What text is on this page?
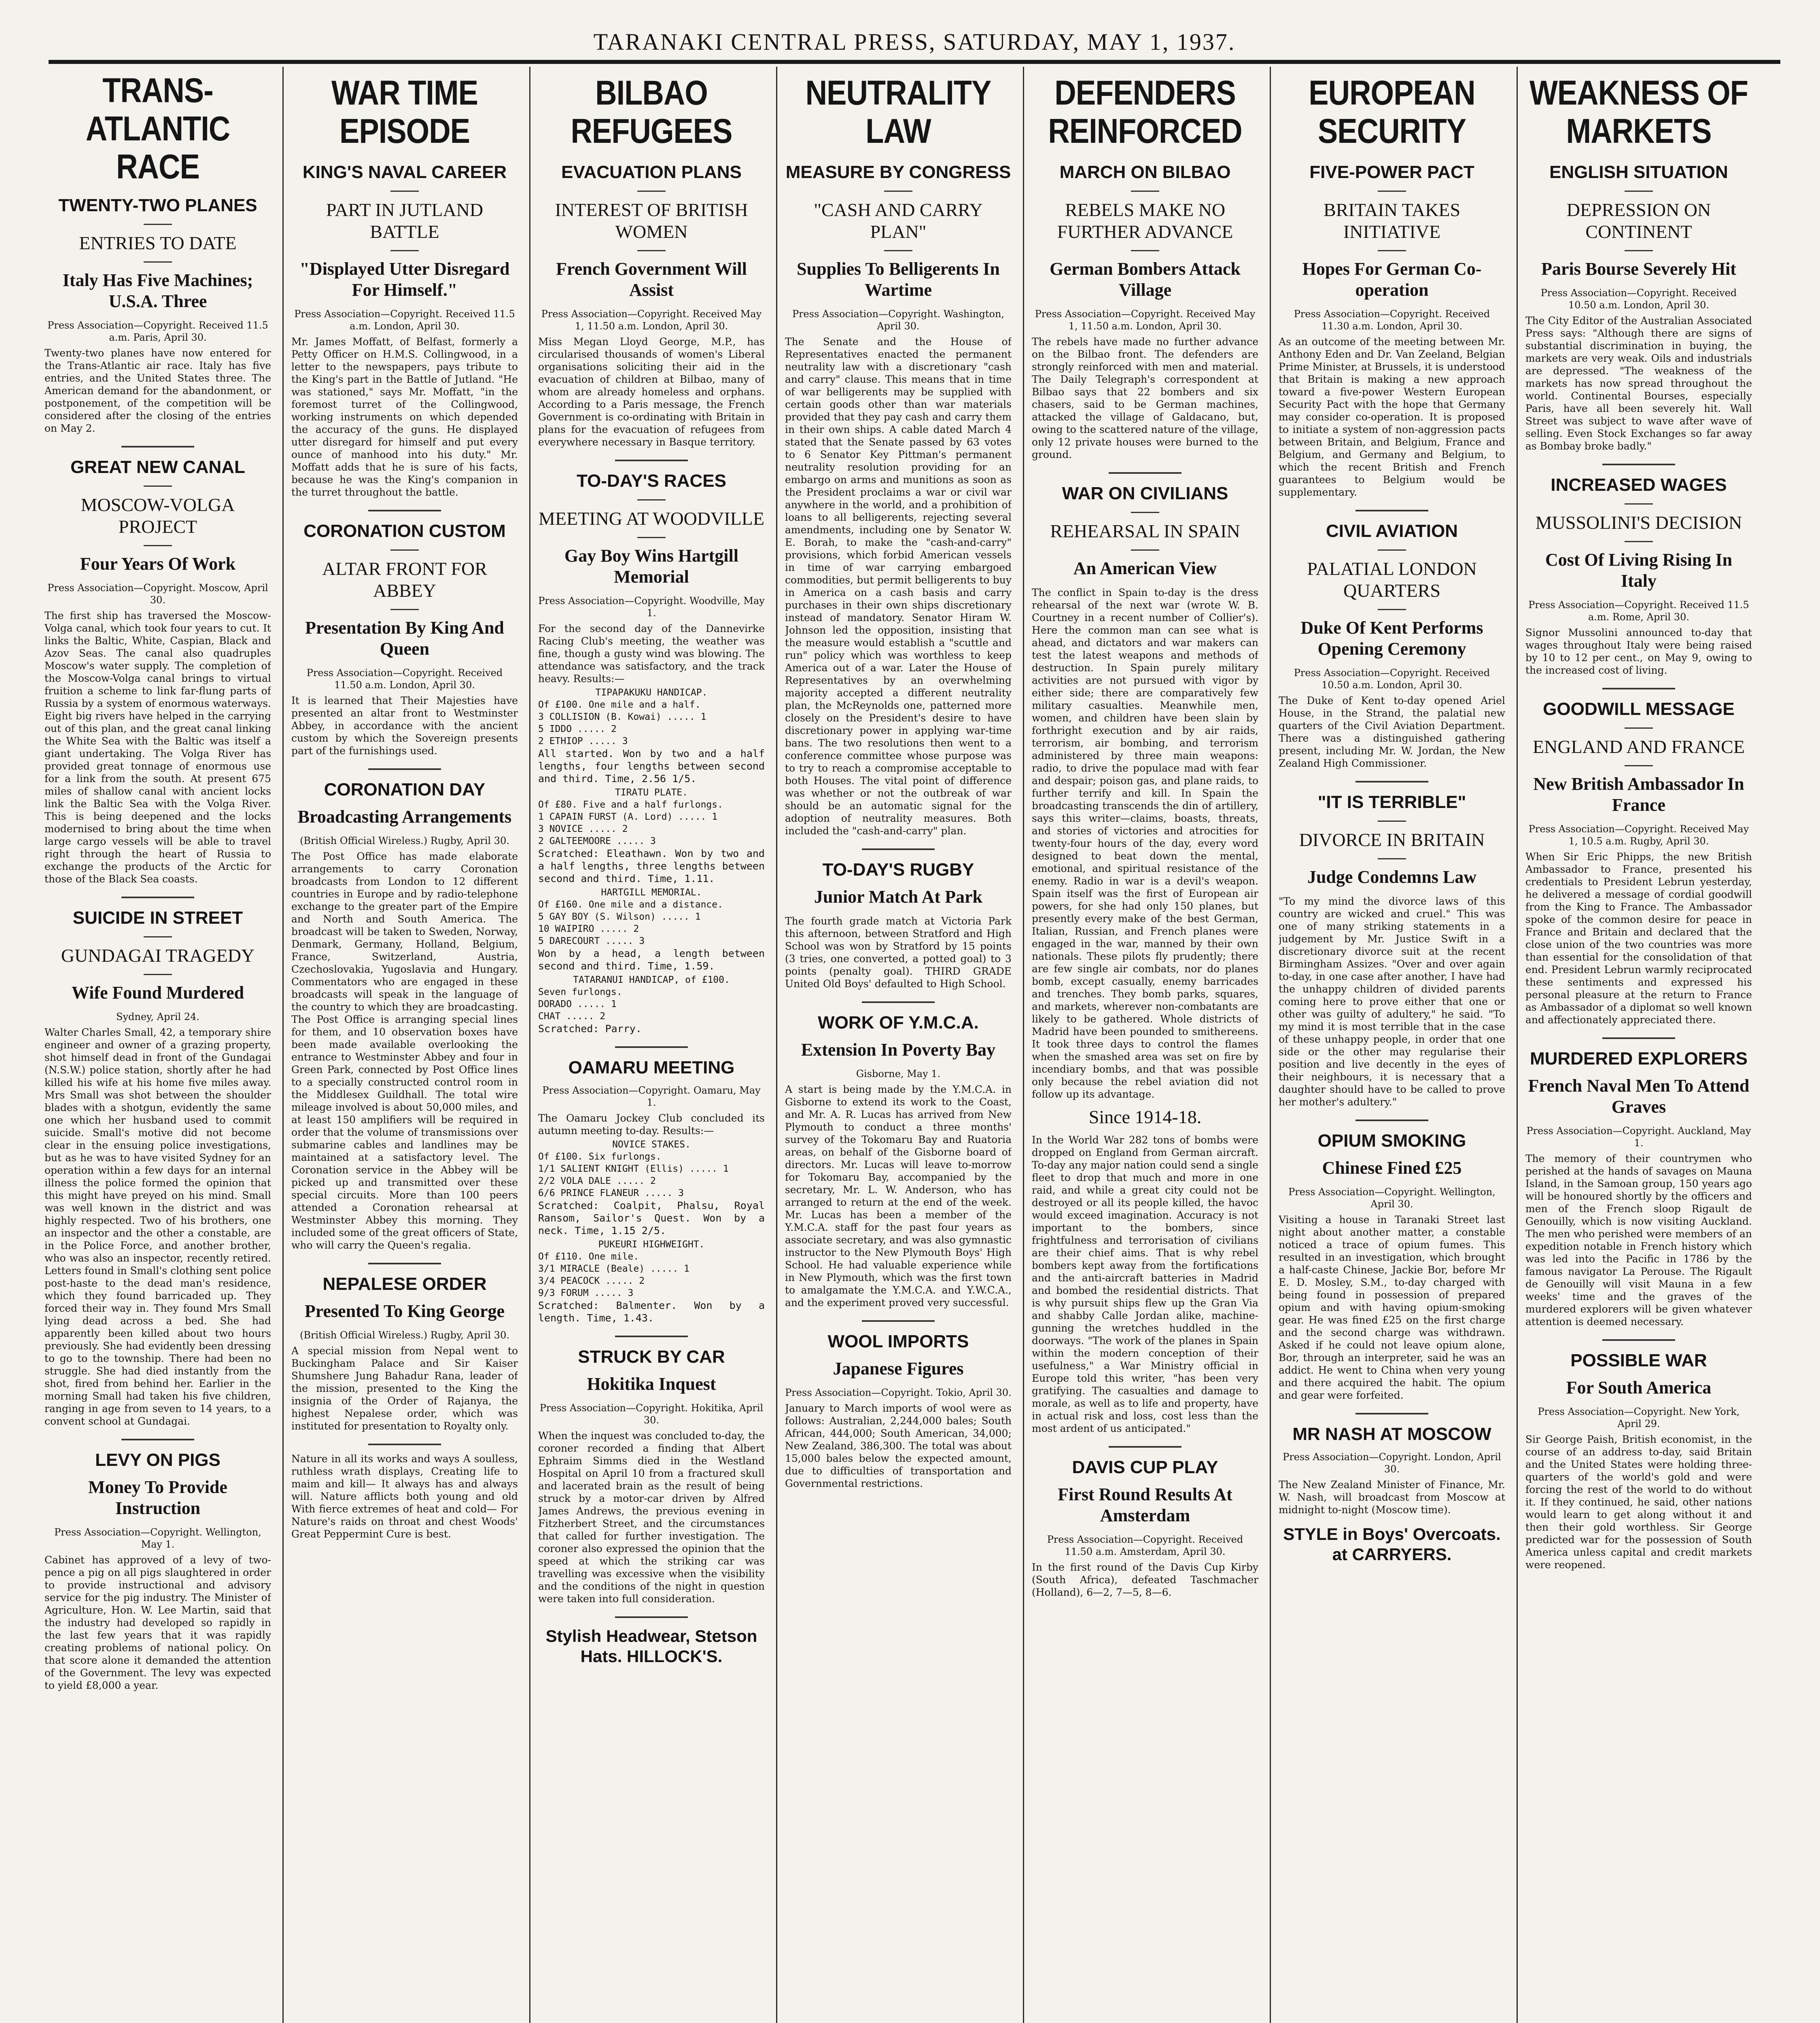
TARANAKI CENTRAL PRESS, SATURDAY, MAY 1, 1937.
TRANS-ATLANTIC RACE
TWENTY-TWO PLANES
ENTRIES TO DATE
Italy Has Five Machines; U.S.A. Three
Press Association—Copyright. Received 11.5 a.m. Paris, April 30.
Twenty-two planes have now entered for the Trans-Atlantic air race. Italy has five entries, and the United States three. The American demand for the abandonment, or postponement, of the competition will be considered after the closing of the entries on May 2.
GREAT NEW CANAL
MOSCOW-VOLGA PROJECT
Four Years Of Work
Press Association—Copyright. Moscow, April 30.
The first ship has traversed the Moscow-Volga canal, which took four years to cut. It links the Baltic, White, Caspian, Black and Azov Seas. The canal also quadruples Moscow's water supply. The completion of the Moscow-Volga canal brings to virtual fruition a scheme to link far-flung parts of Russia by a system of enormous waterways. Eight big rivers have helped in the carrying out of this plan, and the great canal linking the White Sea with the Baltic was itself a giant undertaking. The Volga River has provided great tonnage of enormous use for a link from the south. At present 675 miles of shallow canal with ancient locks link the Baltic Sea with the Volga River. This is being deepened and the locks modernised to bring about the time when large cargo vessels will be able to travel right through the heart of Russia to exchange the products of the Arctic for those of the Black Sea coasts.
SUICIDE IN STREET
GUNDAGAI TRAGEDY
Wife Found Murdered
Sydney, April 24.
Walter Charles Small, 42, a temporary shire engineer and owner of a grazing property, shot himself dead in front of the Gundagai (N.S.W.) police station, shortly after he had killed his wife at his home five miles away. Mrs Small was shot between the shoulder blades with a shotgun, evidently the same one which her husband used to commit suicide. Small's motive did not become clear in the ensuing police investigations, but as he was to have visited Sydney for an operation within a few days for an internal illness the police formed the opinion that this might have preyed on his mind. Small was well known in the district and was highly respected. Two of his brothers, one an inspector and the other a constable, are in the Police Force, and another brother, who was also an inspector, recently retired. Letters found in Small's clothing sent police post-haste to the dead man's residence, which they found barricaded up. They forced their way in. They found Mrs Small lying dead across a bed. She had apparently been killed about two hours previously. She had evidently been dressing to go to the township. There had been no struggle. She had died instantly from the shot, fired from behind her. Earlier in the morning Small had taken his five children, ranging in age from seven to 14 years, to a convent school at Gundagai.
LEVY ON PIGS
Money To Provide Instruction
Press Association—Copyright. Wellington, May 1.
Cabinet has approved of a levy of two-pence a pig on all pigs slaughtered in order to provide instructional and advisory service for the pig industry. The Minister of Agriculture, Hon. W. Lee Martin, said that the industry had developed so rapidly in the last few years that it was rapidly creating problems of national policy. On that score alone it demanded the attention of the Government. The levy was expected to yield £8,000 a year.
WAR TIME EPISODE
KING'S NAVAL CAREER
PART IN JUTLAND BATTLE
"Displayed Utter Disregard For Himself."
Press Association—Copyright. Received 11.5 a.m. London, April 30.
Mr. James Moffatt, of Belfast, formerly a Petty Officer on H.M.S. Collingwood, in a letter to the newspapers, pays tribute to the King's part in the Battle of Jutland. "He was stationed," says Mr. Moffatt, "in the foremost turret of the Collingwood, working instruments on which depended the accuracy of the guns. He displayed utter disregard for himself and put every ounce of manhood into his duty." Mr. Moffatt adds that he is sure of his facts, because he was the King's companion in the turret throughout the battle.
CORONATION CUSTOM
ALTAR FRONT FOR ABBEY
Presentation By King And Queen
Press Association—Copyright. Received 11.50 a.m. London, April 30.
It is learned that Their Majesties have presented an altar front to Westminster Abbey, in accordance with the ancient custom by which the Sovereign presents part of the furnishings used.
CORONATION DAY
Broadcasting Arrangements
(British Official Wireless.) Rugby, April 30.
The Post Office has made elaborate arrangements to carry Coronation broadcasts from London to 12 different countries in Europe and by radio-telephone exchange to the greater part of the Empire and North and South America. The broadcast will be taken to Sweden, Norway, Denmark, Germany, Holland, Belgium, France, Switzerland, Austria, Czechoslovakia, Yugoslavia and Hungary. Commentators who are engaged in these broadcasts will speak in the language of the country to which they are broadcasting. The Post Office is arranging special lines for them, and 10 observation boxes have been made available overlooking the entrance to Westminster Abbey and four in Green Park, connected by Post Office lines to a specially constructed control room in the Middlesex Guildhall. The total wire mileage involved is about 50,000 miles, and at least 150 amplifiers will be required in order that the volume of transmissions over submarine cables and landlines may be maintained at a satisfactory level. The Coronation service in the Abbey will be picked up and transmitted over these special circuits. More than 100 peers attended a Coronation rehearsal at Westminster Abbey this morning. They included some of the great officers of State, who will carry the Queen's regalia.
NEPALESE ORDER
Presented To King George
(British Official Wireless.) Rugby, April 30.
A special mission from Nepal went to Buckingham Palace and Sir Kaiser Shumshere Jung Bahadur Rana, leader of the mission, presented to the King the insignia of the Order of Rajanya, the highest Nepalese order, which was instituted for presentation to Royalty only.
Nature in all its works and ways A soulless, ruthless wrath displays, Creating life to maim and kill— It always has and always will. Nature afflicts both young and old With fierce extremes of heat and cold— For Nature's raids on throat and chest Woods' Great Peppermint Cure is best.
BILBAO REFUGEES
EVACUATION PLANS
INTEREST OF BRITISH WOMEN
French Government Will Assist
Press Association—Copyright. Received May 1, 11.50 a.m. London, April 30.
Miss Megan Lloyd George, M.P., has circularised thousands of women's Liberal organisations soliciting their aid in the evacuation of children at Bilbao, many of whom are already homeless and orphans. According to a Paris message, the French Government is co-ordinating with Britain in plans for the evacuation of refugees from everywhere necessary in Basque territory.
TO-DAY'S RACES
MEETING AT WOODVILLE
Gay Boy Wins Hartgill Memorial
Press Association—Copyright. Woodville, May 1.
For the second day of the Dannevirke Racing Club's meeting, the weather was fine, though a gusty wind was blowing. The attendance was satisfactory, and the track heavy. Results:—
TIPAPAKUKU HANDICAP.
Of £100. One mile and a half.
3 COLLISION (B. Kowai) ..... 1
5 IDDO ..... 2
2 ETHIOP ..... 3
All started. Won by two and a half lengths, four lengths between second and third. Time, 2.56 1/5.
TIRATU PLATE.
Of £80. Five and a half furlongs.
1 CAPAIN FURST (A. Lord) ..... 1
3 NOVICE ..... 2
2 GALTEEMOORE ..... 3
Scratched: Eleathawn. Won by two and a half lengths, three lengths between second and third. Time, 1.11.
HARTGILL MEMORIAL.
Of £160. One mile and a distance.
5 GAY BOY (S. Wilson) ..... 1
10 WAIPIRO ..... 2
5 DARECOURT ..... 3
Won by a head, a length between second and third. Time, 1.59.
TATARANUI HANDICAP, of £100.
Seven furlongs.
DORADO ..... 1
CHAT ..... 2
Scratched: Parry.
OAMARU MEETING
Press Association—Copyright. Oamaru, May 1.
The Oamaru Jockey Club concluded its autumn meeting to-day. Results:—
NOVICE STAKES.
Of £100. Six furlongs.
1/1 SALIENT KNIGHT (Ellis) ..... 1
2/2 VOLA DALE ..... 2
6/6 PRINCE FLANEUR ..... 3
Scratched: Coalpit, Phalsu, Royal Ransom, Sailor's Quest. Won by a neck. Time, 1.15 2/5.
PUKEURI HIGHWEIGHT.
Of £110. One mile.
3/1 MIRACLE (Beale) ..... 1
3/4 PEACOCK ..... 2
9/3 FORUM ..... 3
Scratched: Balmenter. Won by a length. Time, 1.43.
STRUCK BY CAR
Hokitika Inquest
Press Association—Copyright. Hokitika, April 30.
When the inquest was concluded to-day, the coroner recorded a finding that Albert Ephraim Simms died in the Westland Hospital on April 10 from a fractured skull and lacerated brain as the result of being struck by a motor-car driven by Alfred James Andrews, the previous evening in Fitzherbert Street, and the circumstances that called for further investigation. The coroner also expressed the opinion that the speed at which the striking car was travelling was excessive when the visibility and the conditions of the night in question were taken into full consideration.
Stylish Headwear, Stetson Hats. HILLOCK'S.
NEUTRALITY LAW
MEASURE BY CONGRESS
"CASH AND CARRY PLAN"
Supplies To Belligerents In Wartime
Press Association—Copyright. Washington, April 30.
The Senate and the House of Representatives enacted the permanent neutrality law with a discretionary "cash and carry" clause. This means that in time of war belligerents may be supplied with certain goods other than war materials provided that they pay cash and carry them in their own ships. A cable dated March 4 stated that the Senate passed by 63 votes to 6 Senator Key Pittman's permanent neutrality resolution providing for an embargo on arms and munitions as soon as the President proclaims a war or civil war anywhere in the world, and a prohibition of loans to all belligerents, rejecting several amendments, including one by Senator W. E. Borah, to make the "cash-and-carry" provisions, which forbid American vessels in time of war carrying embargoed commodities, but permit belligerents to buy in America on a cash basis and carry purchases in their own ships discretionary instead of mandatory. Senator Hiram W. Johnson led the opposition, insisting that the measure would establish a "scuttle and run" policy which was worthless to keep America out of a war. Later the House of Representatives by an overwhelming majority accepted a different neutrality plan, the McReynolds one, patterned more closely on the President's desire to have discretionary power in applying war-time bans. The two resolutions then went to a conference committee whose purpose was to try to reach a compromise acceptable to both Houses. The vital point of difference was whether or not the outbreak of war should be an automatic signal for the adoption of neutrality measures. Both included the "cash-and-carry" plan.
TO-DAY'S RUGBY
Junior Match At Park
The fourth grade match at Victoria Park this afternoon, between Stratford and High School was won by Stratford by 15 points (3 tries, one converted, a potted goal) to 3 points (penalty goal). THIRD GRADE United Old Boys' defaulted to High School.
WORK OF Y.M.C.A.
Extension In Poverty Bay
Gisborne, May 1.
A start is being made by the Y.M.C.A. in Gisborne to extend its work to the Coast, and Mr. A. R. Lucas has arrived from New Plymouth to conduct a three months' survey of the Tokomaru Bay and Ruatoria areas, on behalf of the Gisborne board of directors. Mr. Lucas will leave to-morrow for Tokomaru Bay, accompanied by the secretary, Mr. L. W. Anderson, who has arranged to return at the end of the week. Mr. Lucas has been a member of the Y.M.C.A. staff for the past four years as associate secretary, and was also gymnastic instructor to the New Plymouth Boys' High School. He had valuable experience while in New Plymouth, which was the first town to amalgamate the Y.M.C.A. and Y.W.C.A., and the experiment proved very successful.
WOOL IMPORTS
Japanese Figures
Press Association—Copyright. Tokio, April 30.
January to March imports of wool were as follows: Australian, 2,244,000 bales; South African, 444,000; South American, 34,000; New Zealand, 386,300. The total was about 15,000 bales below the expected amount, due to difficulties of transportation and Governmental restrictions.
DEFENDERS REINFORCED
MARCH ON BILBAO
REBELS MAKE NO FURTHER ADVANCE
German Bombers Attack Village
Press Association—Copyright. Received May 1, 11.50 a.m. London, April 30.
The rebels have made no further advance on the Bilbao front. The defenders are strongly reinforced with men and material. The Daily Telegraph's correspondent at Bilbao says that 22 bombers and six chasers, said to be German machines, attacked the village of Galdacano, but, owing to the scattered nature of the village, only 12 private houses were burned to the ground.
WAR ON CIVILIANS
REHEARSAL IN SPAIN
An American View
The conflict in Spain to-day is the dress rehearsal of the next war (wrote W. B. Courtney in a recent number of Collier's). Here the common man can see what is ahead, and dictators and war makers can test the latest weapons and methods of destruction. In Spain purely military activities are not pursued with vigor by either side; there are comparatively few military casualties. Meanwhile men, women, and children have been slain by forthright execution and by air raids, terrorism, air bombing, and terrorism administered by three main weapons: radio, to drive the populace mad with fear and despair; poison gas, and plane raids, to further terrify and kill. In Spain the broadcasting transcends the din of artillery, says this writer—claims, boasts, threats, and stories of victories and atrocities for twenty-four hours of the day, every word designed to beat down the mental, emotional, and spiritual resistance of the enemy. Radio in war is a devil's weapon. Spain itself was the first of European air powers, for she had only 150 planes, but presently every make of the best German, Italian, Russian, and French planes were engaged in the war, manned by their own nationals. These pilots fly prudently; there are few single air combats, nor do planes bomb, except casually, enemy barricades and trenches. They bomb parks, squares, and markets, wherever non-combatants are likely to be gathered. Whole districts of Madrid have been pounded to smithereens. It took three days to control the flames when the smashed area was set on fire by incendiary bombs, and that was possible only because the rebel aviation did not follow up its advantage.
Since 1914-18.
In the World War 282 tons of bombs were dropped on England from German aircraft. To-day any major nation could send a single fleet to drop that much and more in one raid, and while a great city could not be destroyed or all its people killed, the havoc would exceed imagination. Accuracy is not important to the bombers, since frightfulness and terrorisation of civilians are their chief aims. That is why rebel bombers kept away from the fortifications and the anti-aircraft batteries in Madrid and bombed the residential districts. That is why pursuit ships flew up the Gran Via and shabby Calle Jordan alike, machine-gunning the wretches huddled in the doorways. "The work of the planes in Spain within the modern conception of their usefulness," a War Ministry official in Europe told this writer, "has been very gratifying. The casualties and damage to morale, as well as to life and property, have in actual risk and loss, cost less than the most ardent of us anticipated."
DAVIS CUP PLAY
First Round Results At Amsterdam
Press Association—Copyright. Received 11.50 a.m. Amsterdam, April 30.
In the first round of the Davis Cup Kirby (South Africa), defeated Taschmacher (Holland), 6—2, 7—5, 8—6.
EUROPEAN SECURITY
FIVE-POWER PACT
BRITAIN TAKES INITIATIVE
Hopes For German Co-operation
Press Association—Copyright. Received 11.30 a.m. London, April 30.
As an outcome of the meeting between Mr. Anthony Eden and Dr. Van Zeeland, Belgian Prime Minister, at Brussels, it is understood that Britain is making a new approach toward a five-power Western European Security Pact with the hope that Germany may consider co-operation. It is proposed to initiate a system of non-aggression pacts between Britain, and Belgium, France and Belgium, and Germany and Belgium, to which the recent British and French guarantees to Belgium would be supplementary.
CIVIL AVIATION
PALATIAL LONDON QUARTERS
Duke Of Kent Performs Opening Ceremony
Press Association—Copyright. Received 10.50 a.m. London, April 30.
The Duke of Kent to-day opened Ariel House, in the Strand, the palatial new quarters of the Civil Aviation Department. There was a distinguished gathering present, including Mr. W. Jordan, the New Zealand High Commissioner.
"IT IS TERRIBLE"
DIVORCE IN BRITAIN
Judge Condemns Law
"To my mind the divorce laws of this country are wicked and cruel." This was one of many striking statements in a judgement by Mr. Justice Swift in a discretionary divorce suit at the recent Birmingham Assizes. "Over and over again to-day, in one case after another, I have had the unhappy children of divided parents coming here to prove either that one or other was guilty of adultery," he said. "To my mind it is most terrible that in the case of these unhappy people, in order that one side or the other may regularise their position and live decently in the eyes of their neighbours, it is necessary that a daughter should have to be called to prove her mother's adultery."
OPIUM SMOKING
Chinese Fined £25
Press Association—Copyright. Wellington, April 30.
Visiting a house in Taranaki Street last night about another matter, a constable noticed a trace of opium fumes. This resulted in an investigation, which brought a half-caste Chinese, Jackie Bor, before Mr E. D. Mosley, S.M., to-day charged with being found in possession of prepared opium and with having opium-smoking gear. He was fined £25 on the first charge and the second charge was withdrawn. Asked if he could not leave opium alone, Bor, through an interpreter, said he was an addict. He went to China when very young and there acquired the habit. The opium and gear were forfeited.
MR NASH AT MOSCOW
Press Association—Copyright. London, April 30.
The New Zealand Minister of Finance, Mr. W. Nash, will broadcast from Moscow at midnight to-night (Moscow time).
STYLE in Boys' Overcoats. at CARRYERS.
WEAKNESS OF MARKETS
ENGLISH SITUATION
DEPRESSION ON CONTINENT
Paris Bourse Severely Hit
Press Association—Copyright. Received 10.50 a.m. London, April 30.
The City Editor of the Australian Associated Press says: "Although there are signs of substantial discrimination in buying, the markets are very weak. Oils and industrials are depressed. "The weakness of the markets has now spread throughout the world. Continental Bourses, especially Paris, have all been severely hit. Wall Street was subject to wave after wave of selling. Even Stock Exchanges so far away as Bombay broke badly."
INCREASED WAGES
MUSSOLINI'S DECISION
Cost Of Living Rising In Italy
Press Association—Copyright. Received 11.5 a.m. Rome, April 30.
Signor Mussolini announced to-day that wages throughout Italy were being raised by 10 to 12 per cent., on May 9, owing to the increased cost of living.
GOODWILL MESSAGE
ENGLAND AND FRANCE
New British Ambassador In France
Press Association—Copyright. Received May 1, 10.5 a.m. Rugby, April 30.
When Sir Eric Phipps, the new British Ambassador to France, presented his credentials to President Lebrun yesterday, he delivered a message of cordial goodwill from the King to France. The Ambassador spoke of the common desire for peace in France and Britain and declared that the close union of the two countries was more than essential for the consolidation of that end. President Lebrun warmly reciprocated these sentiments and expressed his personal pleasure at the return to France as Ambassador of a diplomat so well known and affectionately appreciated there.
MURDERED EXPLORERS
French Naval Men To Attend Graves
Press Association—Copyright. Auckland, May 1.
The memory of their countrymen who perished at the hands of savages on Mauna Island, in the Samoan group, 150 years ago will be honoured shortly by the officers and men of the French sloop Rigault de Genouilly, which is now visiting Auckland. The men who perished were members of an expedition notable in French history which was led into the Pacific in 1786 by the famous navigator La Perouse. The Rigault de Genouilly will visit Mauna in a few weeks' time and the graves of the murdered explorers will be given whatever attention is deemed necessary.
POSSIBLE WAR
For South America
Press Association—Copyright. New York, April 29.
Sir George Paish, British economist, in the course of an address to-day, said Britain and the United States were holding three-quarters of the world's gold and were forcing the rest of the world to do without it. If they continued, he said, other nations would learn to get along without it and then their gold worthless. Sir George predicted war for the possession of South America unless capital and credit markets were reopened.
